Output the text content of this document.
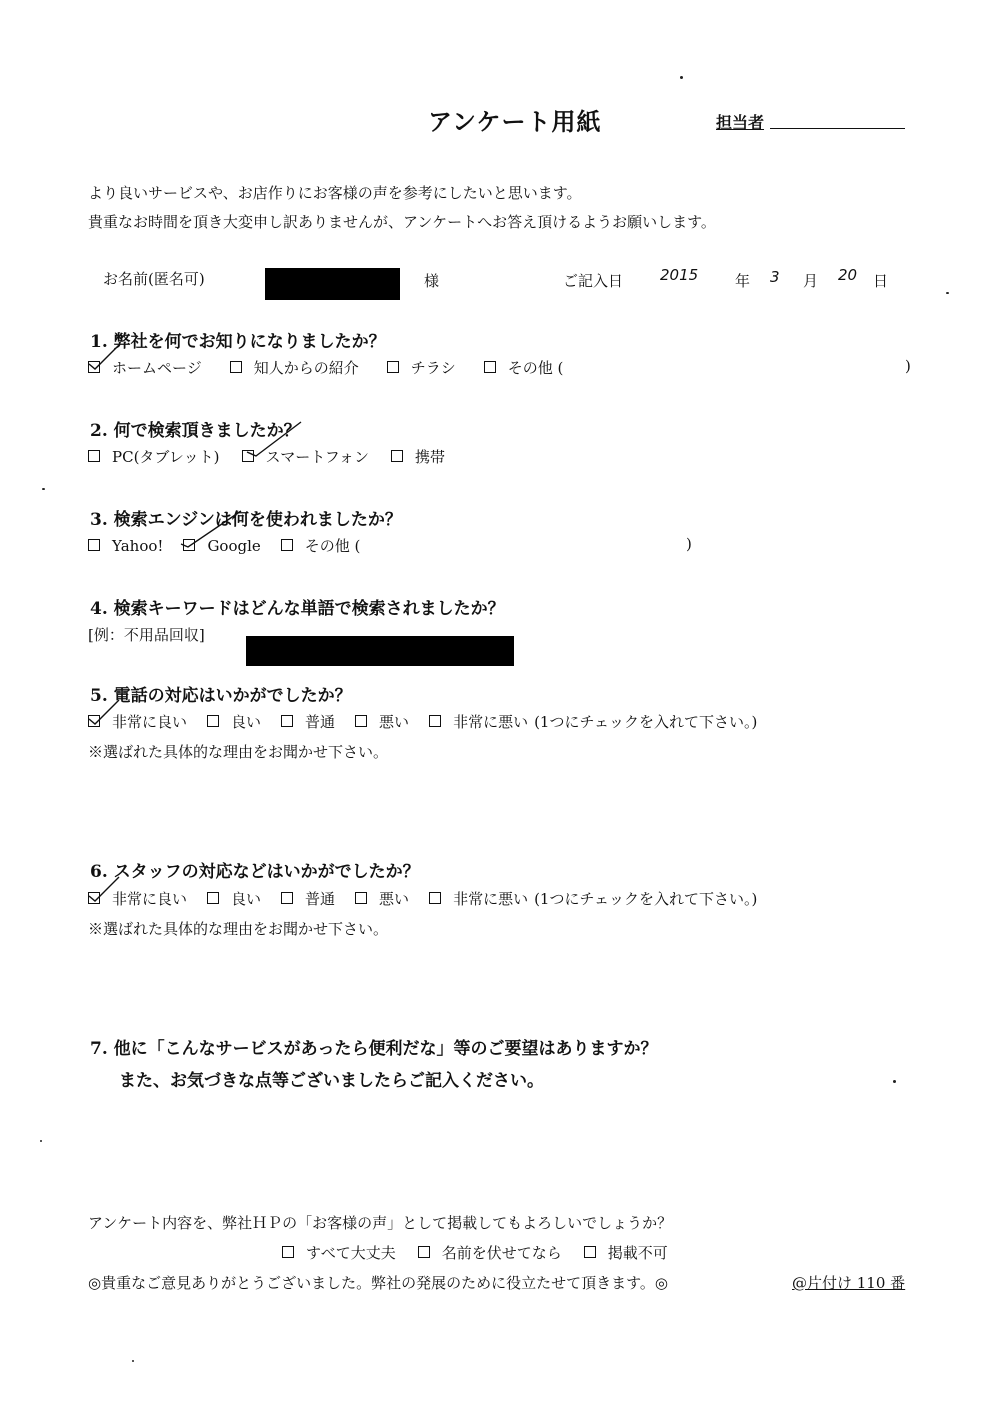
アンケート用紙	担当者
より良いサービスや、お店作りにお客様の声を参考にしたいと思います。
貴重なお時間を頂き大変申し訳ありませんが、アンケートへお答え頂けるようお願いします。
お名前(匿名可)	様	ご記入日 2015 年 3 月 20 日
1. 弊社を何でお知りになりましたか？
ホームページ	知人からの紹介	チラシ	その他 (	)
2. 何で検索頂きましたか？
PC(タブレット)	スマートフォン	携帯
3. 検索エンジンは何を使われましたか？
Yahoo!	Google	その他 (	)
4. 検索キーワードはどんな単語で検索されましたか？
[例：不用品回収]
5. 電話の対応はいかがでしたか？
非常に良い	良い	普通	悪い	非常に悪い (1つにチェックを入れて下さい。)
※選ばれた具体的な理由をお聞かせ下さい。
6. スタッフの対応などはいかがでしたか？
非常に良い	良い	普通	悪い	非常に悪い (1つにチェックを入れて下さい。)
※選ばれた具体的な理由をお聞かせ下さい。
7. 他に「こんなサービスがあったら便利だな」等のご要望はありますか？
また、お気づきな点等ございましたらご記入ください。
アンケート内容を、弊社ＨＰの「お客様の声」として掲載してもよろしいでしょうか？
すべて大丈夫	名前を伏せてなら	掲載不可
◎貴重なご意見ありがとうございました。弊社の発展のために役立たせて頂きます。◎	@片付け 110 番
